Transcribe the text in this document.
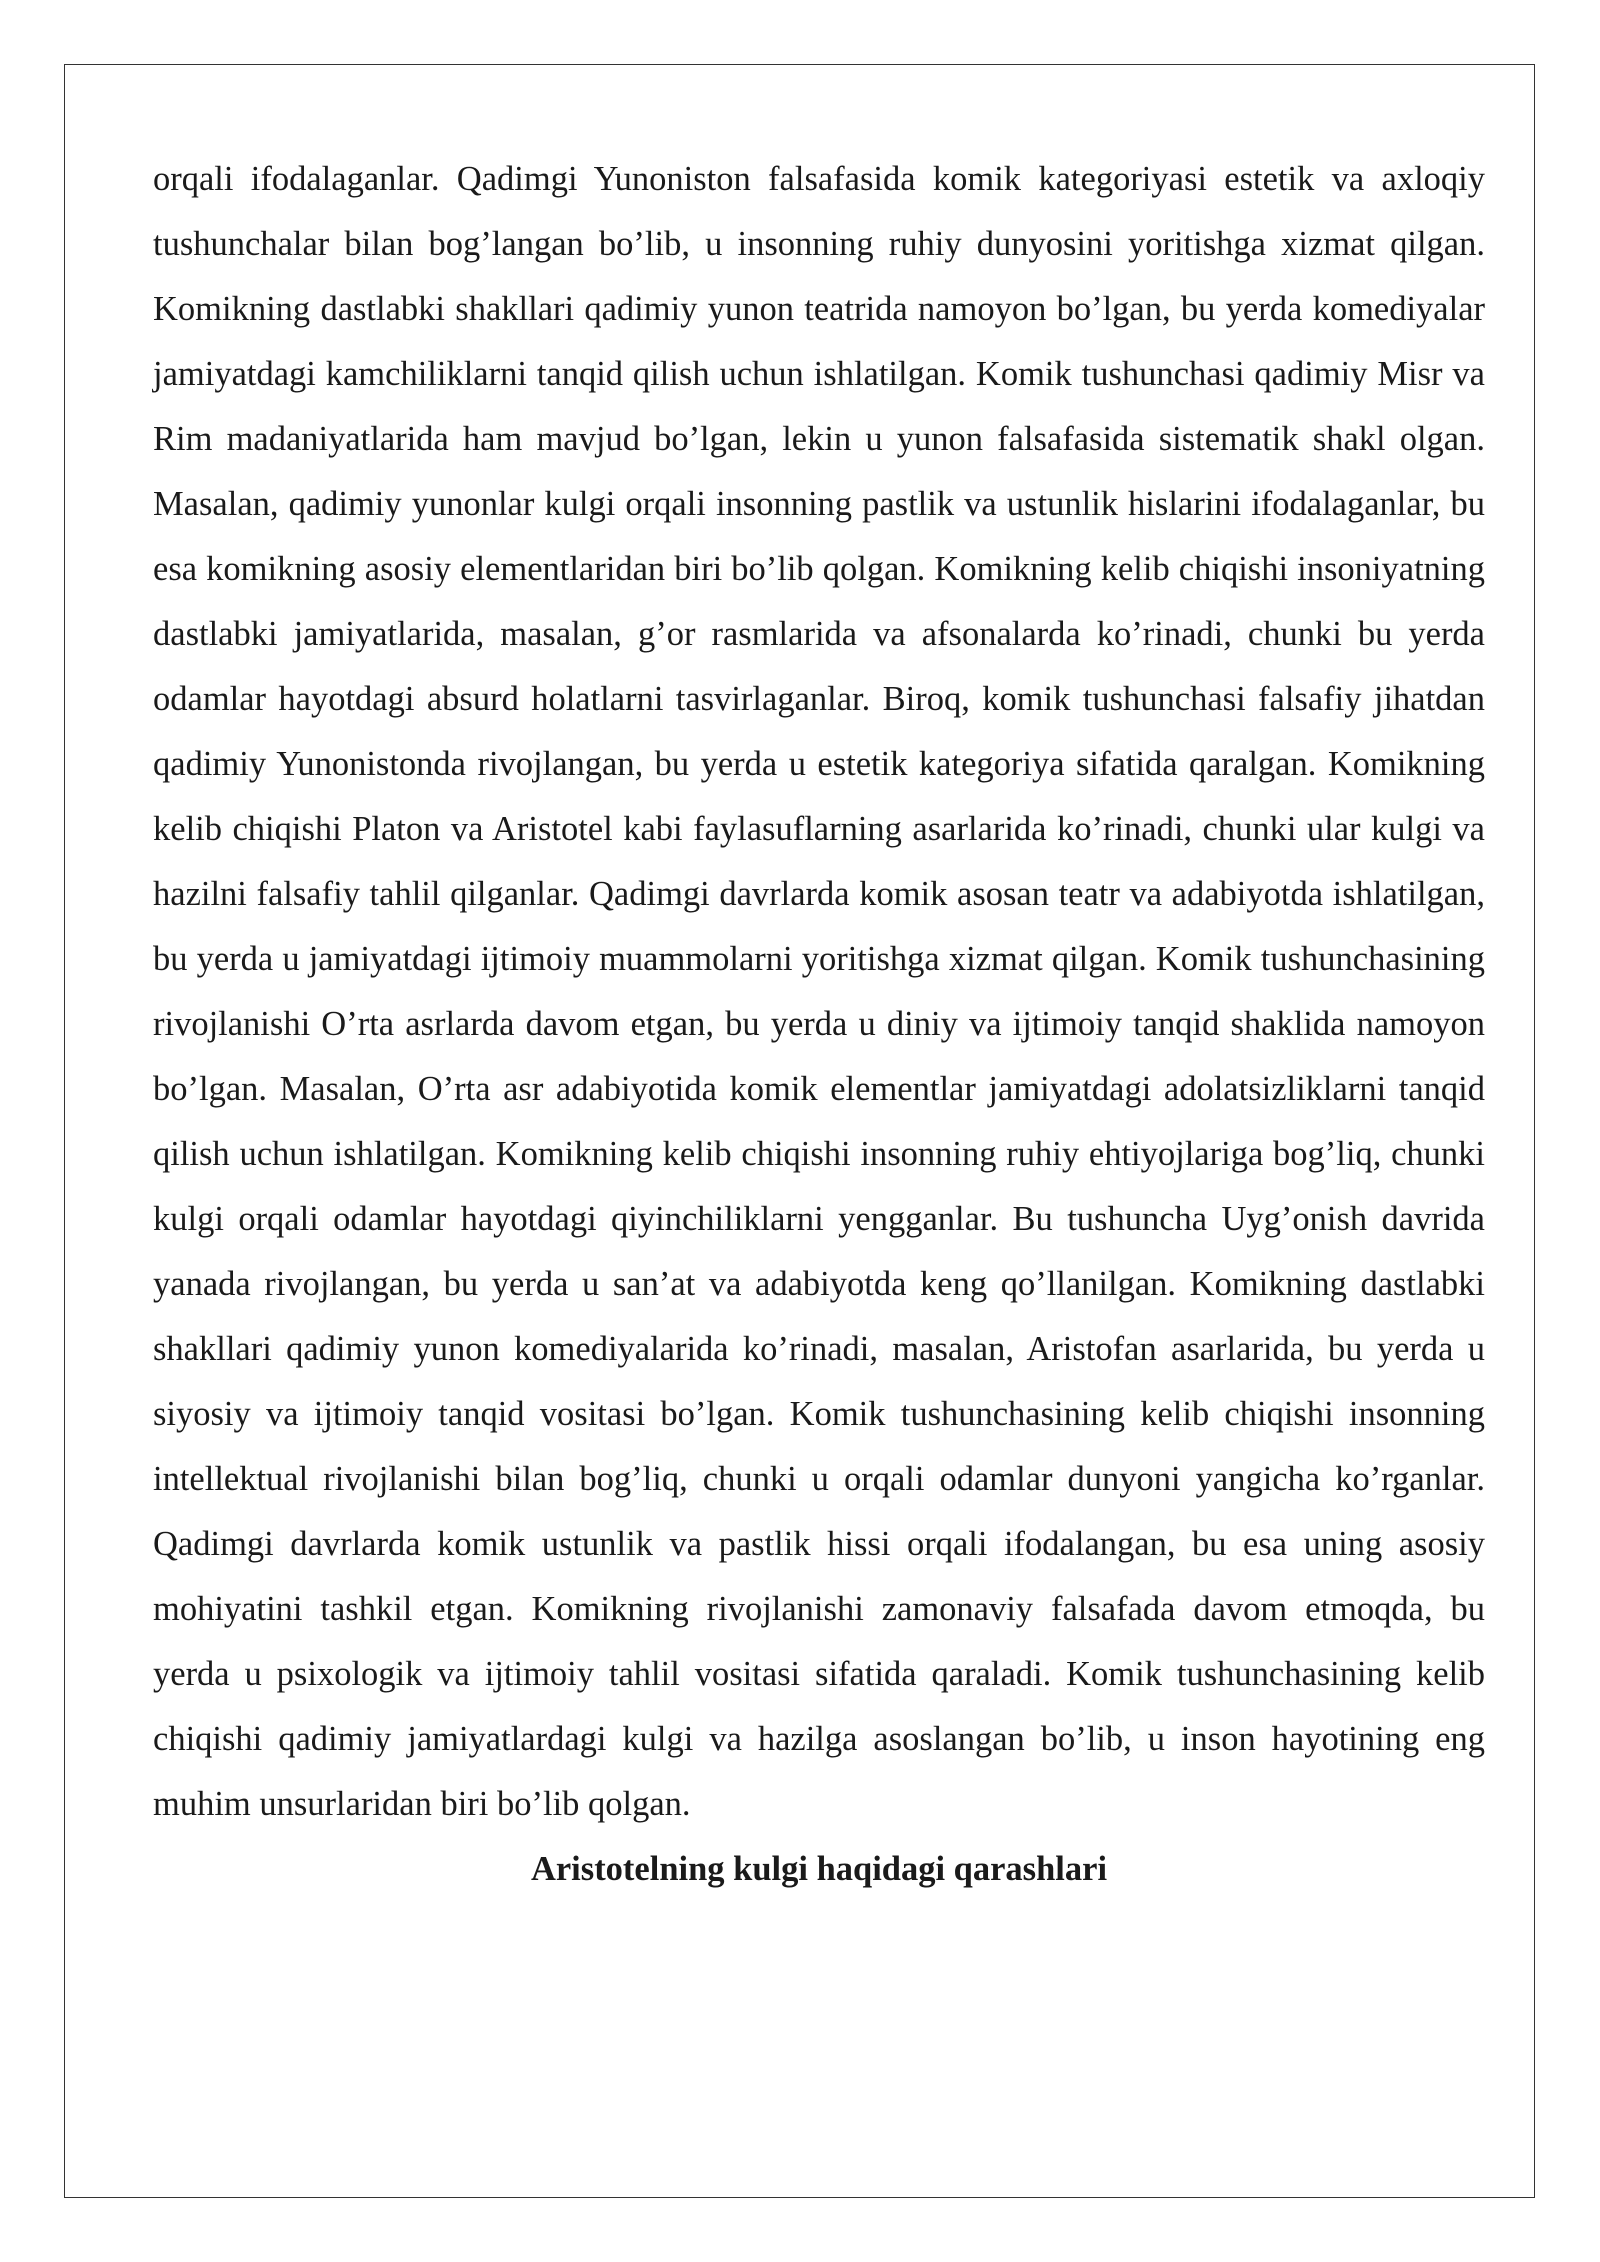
orqali ifodalaganlar. Qadimgi Yunoniston falsafasida komik kategoriyasi estetik va axloqiy tushunchalar bilan bog’langan bo’lib, u insonning ruhiy dunyosini yoritishga xizmat qilgan. Komikning dastlabki shakllari qadimiy yunon teatrida namoyon bo’lgan, bu yerda komediyalar jamiyatdagi kamchiliklarni tanqid qilish uchun ishlatilgan. Komik tushunchasi qadimiy Misr va Rim madaniyatlarida ham mavjud bo’lgan, lekin u yunon falsafasida sistematik shakl olgan. Masalan, qadimiy yunonlar kulgi orqali insonning pastlik va ustunlik hislarini ifodalaganlar, bu esa komikning asosiy elementlaridan biri bo’lib qolgan. Komikning kelib chiqishi insoniyatning dastlabki jamiyatlarida, masalan, g’or rasmlarida va afsonalarda ko’rinadi, chunki bu yerda odamlar hayotdagi absurd holatlarni tasvirlaganlar. Biroq, komik tushunchasi falsafiy jihatdan qadimiy Yunonistonda rivojlangan, bu yerda u estetik kategoriya sifatida qaralgan. Komikning kelib chiqishi Platon va Aristotel kabi faylasuflarning asarlarida ko’rinadi, chunki ular kulgi va hazilni falsafiy tahlil qilganlar. Qadimgi davrlarda komik asosan teatr va adabiyotda ishlatilgan, bu yerda u jamiyatdagi ijtimoiy muammolarni yoritishga xizmat qilgan. Komik tushunchasining rivojlanishi O’rta asrlarda davom etgan, bu yerda u diniy va ijtimoiy tanqid shaklida namoyon bo’lgan. Masalan, O’rta asr adabiyotida komik elementlar jamiyatdagi adolatsizliklarni tanqid qilish uchun ishlatilgan. Komikning kelib chiqishi insonning ruhiy ehtiyojlariga bog’liq, chunki kulgi orqali odamlar hayotdagi qiyinchiliklarni yengganlar. Bu tushuncha Uyg’onish davrida yanada rivojlangan, bu yerda u san’at va adabiyotda keng qo’llanilgan. Komikning dastlabki shakllari qadimiy yunon komediyalarida ko’rinadi, masalan, Aristofan asarlarida, bu yerda u siyosiy va ijtimoiy tanqid vositasi bo’lgan. Komik tushunchasining kelib chiqishi insonning intellektual rivojlanishi bilan bog’liq, chunki u orqali odamlar dunyoni yangicha ko’rganlar. Qadimgi davrlarda komik ustunlik va pastlik hissi orqali ifodalangan, bu esa uning asosiy mohiyatini tashkil etgan. Komikning rivojlanishi zamonaviy falsafada davom etmoqda, bu yerda u psixologik va ijtimoiy tahlil vositasi sifatida qaraladi. Komik tushunchasining kelib chiqishi qadimiy jamiyatlardagi kulgi va hazilga asoslangan bo’lib, u inson hayotining eng muhim unsurlaridan biri bo’lib qolgan.

Aristotelning kulgi haqidagi qarashlari
